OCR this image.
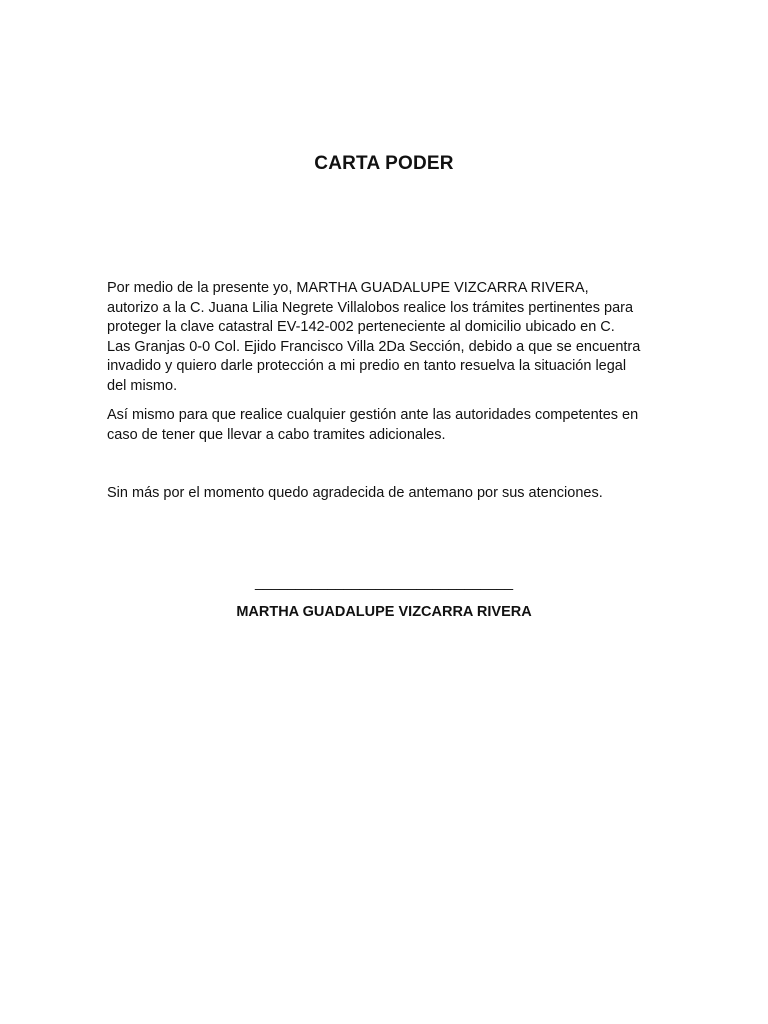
CARTA PODER
Por medio de la presente yo, MARTHA GUADALUPE VIZCARRA RIVERA,
autorizo a la C. Juana Lilia Negrete Villalobos realice los trámites pertinentes para
proteger la clave catastral EV-142-002 perteneciente al domicilio ubicado en C.
Las Granjas 0-0 Col. Ejido Francisco Villa 2Da Sección, debido a que se encuentra
invadido y quiero darle protección a mi predio en tanto resuelva la situación legal
del mismo.
Así mismo para que realice cualquier gestión ante las autoridades competentes en
caso de tener que llevar a cabo tramites adicionales.
Sin más por el momento quedo agradecida de antemano por sus atenciones.
________________________________
MARTHA GUADALUPE VIZCARRA RIVERA
